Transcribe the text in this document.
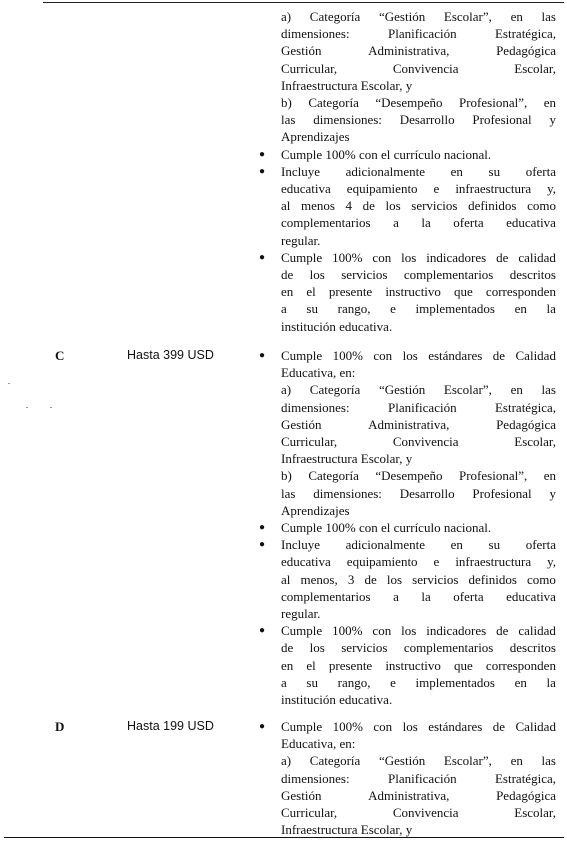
a) Categoría “Gestión Escolar”, en las
dimensiones:	Planificación	Estratégica,
Gestión	Administrativa,	Pedagógica
Curricular,	Convivencia	Escolar,
Infraestructura Escolar, y
b) Categoría “Desempeño Profesional”, en
las dimensiones: Desarrollo Profesional y
Aprendizajes
● Cumple 100% con el currículo nacional.
● Incluye adicionalmente en su oferta
educativa equipamiento e infraestructura y,
al menos 4 de los servicios definidos como
complementarios a la oferta educativa
regular.
● Cumple 100% con los indicadores de calidad
de los servicios complementarios descritos
en el presente instructivo que corresponden
a su rango, e implementados en la
institución educativa.
C	Hasta 399 USD	● Cumple 100% con los estándares de Calidad
Educativa, en:
a) Categoría “Gestión Escolar”, en las
dimensiones:	Planificación	Estratégica,
Gestión	Administrativa,	Pedagógica
Curricular,	Convivencia	Escolar,
Infraestructura Escolar, y
b) Categoría “Desempeño Profesional”, en
las dimensiones: Desarrollo Profesional y
Aprendizajes
● Cumple 100% con el currículo nacional.
● Incluye adicionalmente en su oferta
educativa equipamiento e infraestructura y,
al menos, 3 de los servicios definidos como
complementarios a la oferta educativa
regular.
● Cumple 100% con los indicadores de calidad
de los servicios complementarios descritos
en el presente instructivo que corresponden
a su rango, e implementados en la
institución educativa.
D	Hasta 199 USD	● Cumple 100% con los estándares de Calidad
Educativa, en:
a) Categoría “Gestión Escolar”, en las
dimensiones:	Planificación	Estratégica,
Gestión	Administrativa,	Pedagógica
Curricular,	Convivencia	Escolar,
Infraestructura Escolar, y
